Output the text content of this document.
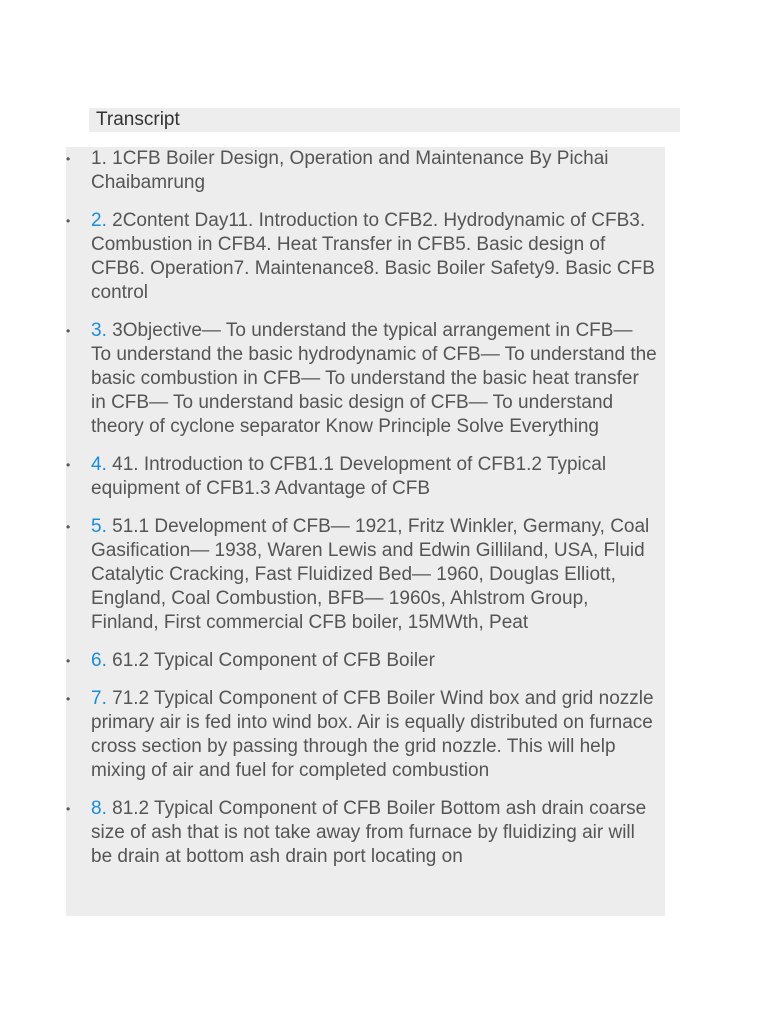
Transcript
• 1. 1CFB Boiler Design, Operation and Maintenance By Pichai Chaibamrung
• 2. 2Content Day11. Introduction to CFB2. Hydrodynamic of CFB3. Combustion in CFB4. Heat Transfer in CFB5. Basic design of CFB6. Operation7. Maintenance8. Basic Boiler Safety9. Basic CFB control
• 3. 3Objective— To understand the typical arrangement in CFB— To understand the basic hydrodynamic of CFB— To understand the basic combustion in CFB— To understand the basic heat transfer in CFB— To understand basic design of CFB— To understand theory of cyclone separator Know Principle Solve Everything
• 4. 41. Introduction to CFB1.1 Development of CFB1.2 Typical equipment of CFB1.3 Advantage of CFB
• 5. 51.1 Development of CFB— 1921, Fritz Winkler, Germany, Coal Gasification— 1938, Waren Lewis and Edwin Gilliland, USA, Fluid Catalytic Cracking, Fast Fluidized Bed— 1960, Douglas Elliott, England, Coal Combustion, BFB— 1960s, Ahlstrom Group, Finland, First commercial CFB boiler, 15MWth, Peat
• 6. 61.2 Typical Component of CFB Boiler
• 7. 71.2 Typical Component of CFB Boiler Wind box and grid nozzle primary air is fed into wind box. Air is equally distributed on furnace cross section by passing through the grid nozzle. This will help mixing of air and fuel for completed combustion
• 8. 81.2 Typical Component of CFB Boiler Bottom ash drain coarse size of ash that is not take away from furnace by fluidizing air will be drain at bottom ash drain port locating on
